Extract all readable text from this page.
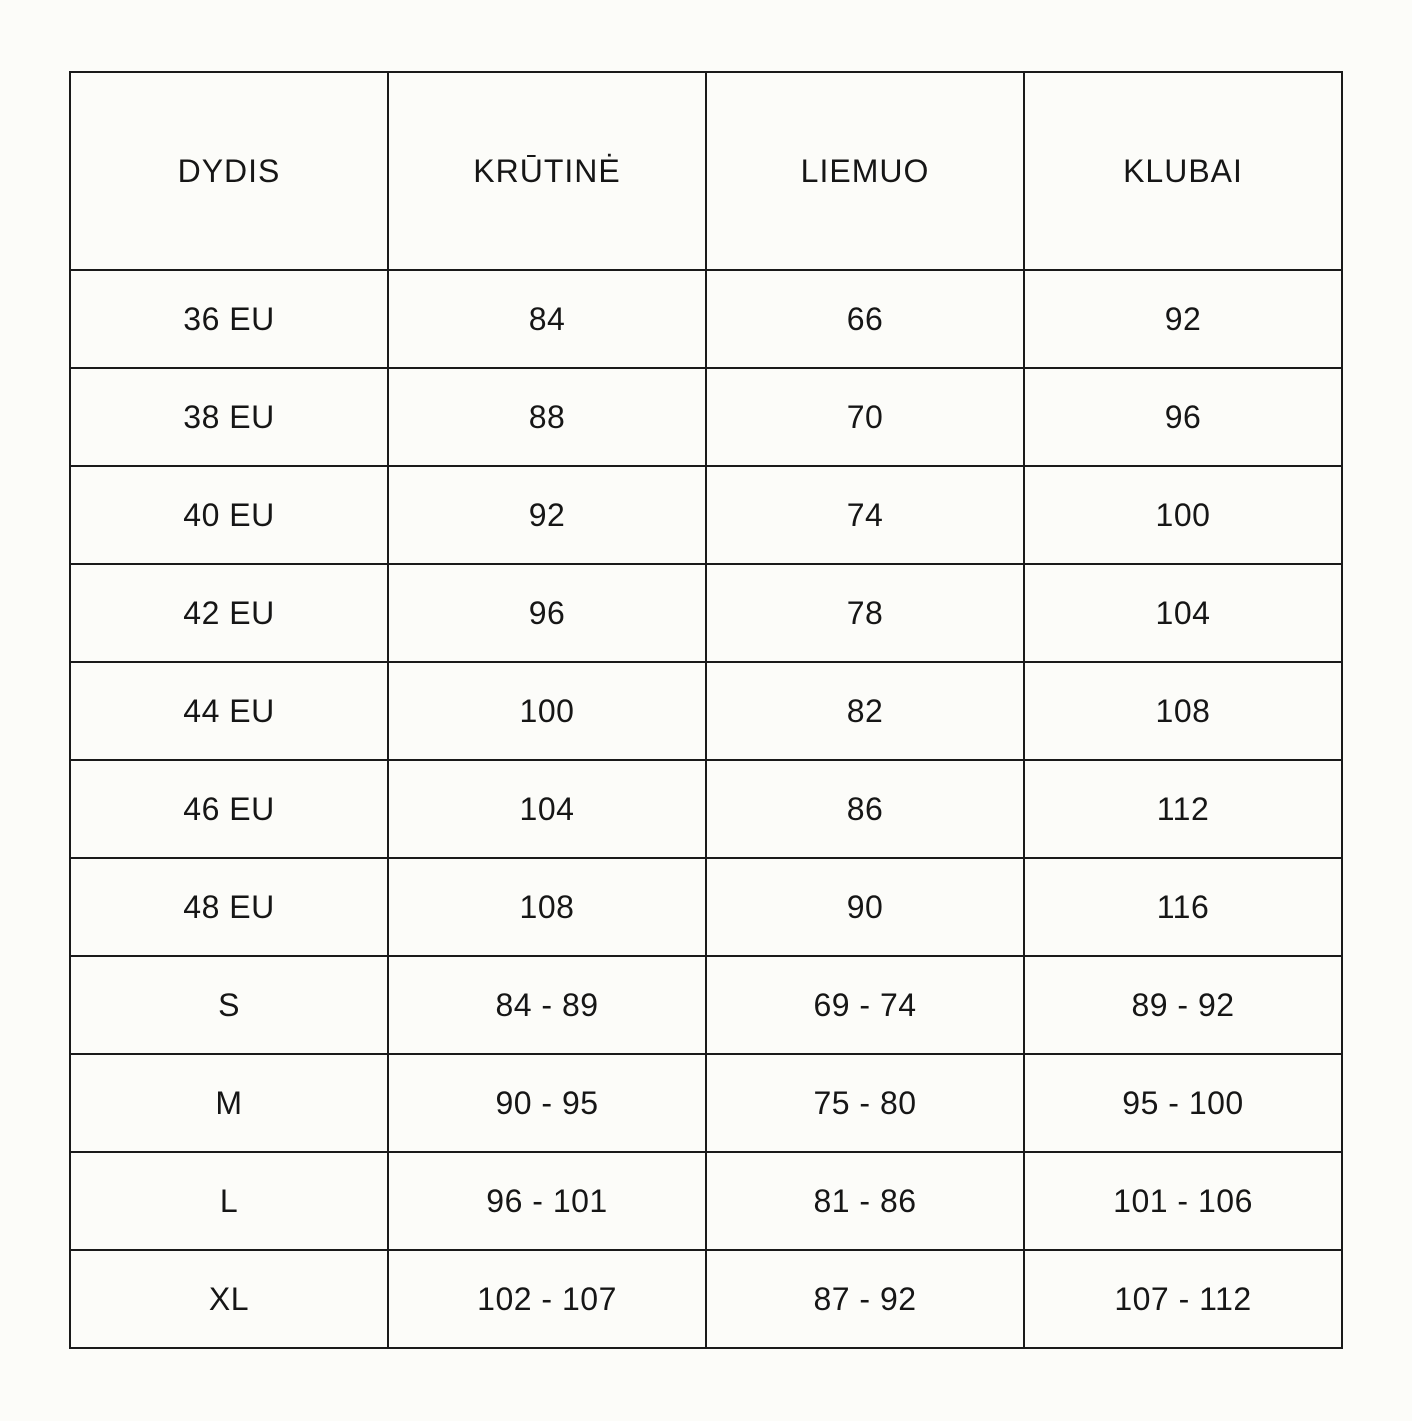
DYDIS	KRŪTINĖ	LIEMUO	KLUBAI
36 EU	84	66	92
38 EU	88	70	96
40 EU	92	74	100
42 EU	96	78	104
44 EU	100	82	108
46 EU	104	86	112
48 EU	108	90	116
S	84 - 89	69 - 74	89 - 92
M	90 - 95	75 - 80	95 - 100
L	96 - 101	81 - 86	101 - 106
XL	102 - 107	87 - 92	107 - 112
